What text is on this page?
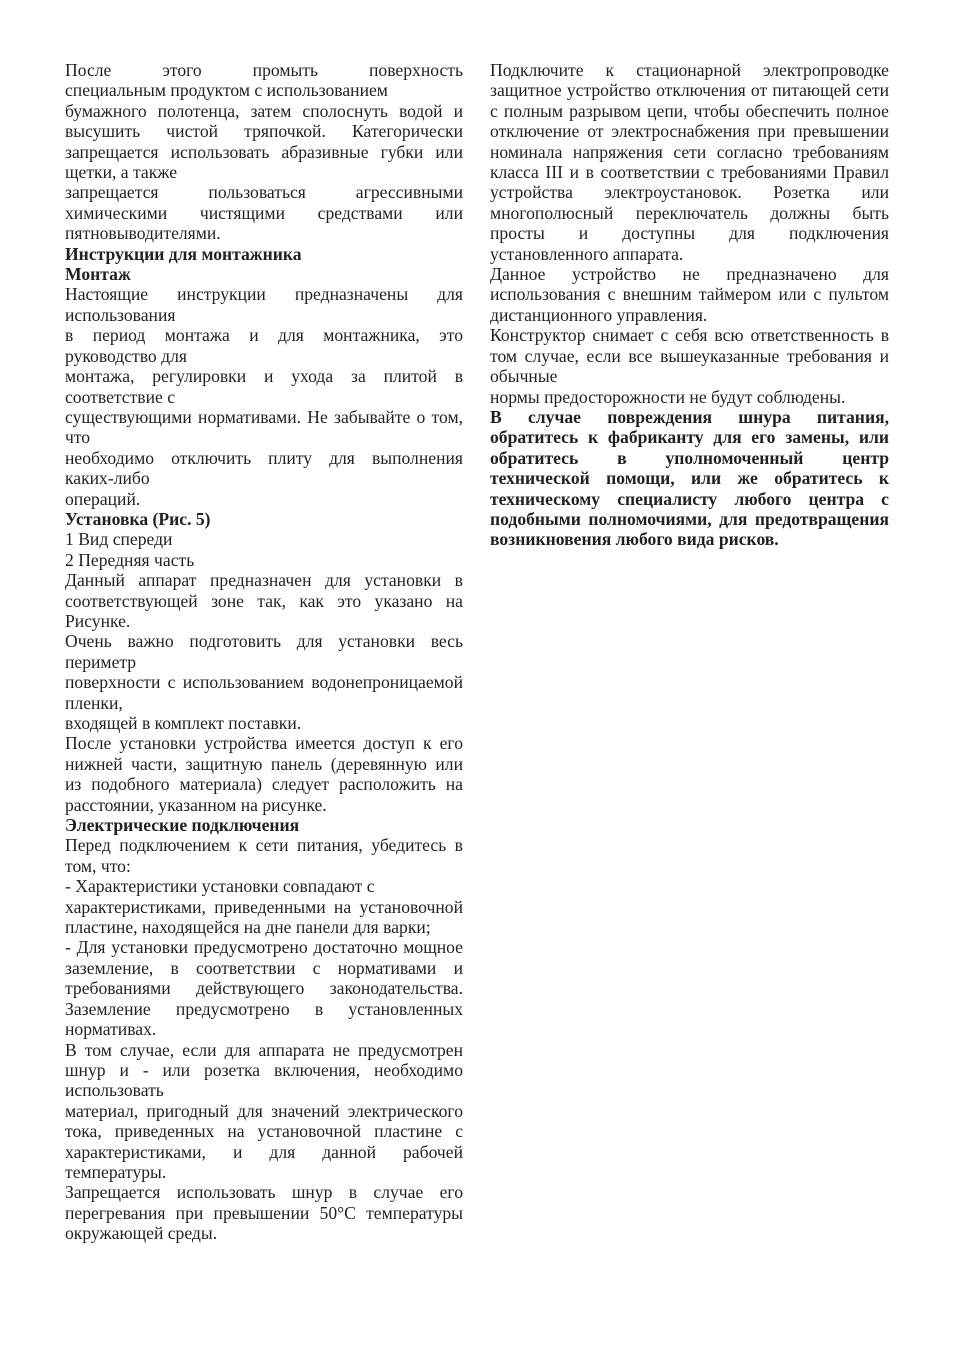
После этого промыть поверхность
специальным продуктом с использованием
бумажного полотенца, затем сполоснуть водой и высушить чистой тряпочкой. Категорически запрещается использовать абразивные губки или щетки, а также
запрещается пользоваться агрессивными химическими чистящими средствами или пятновыводителями.
Инструкции для монтажника
Монтаж
Настоящие инструкции предназначены для использования
в период монтажа и для монтажника, это руководство для
монтажа, регулировки и ухода за плитой в соответствие с
существующими нормативами. Не забывайте о том, что
необходимо отключить плиту для выполнения каких-либо
операций.
Установка (Рис. 5)
1 Вид спереди
2 Передняя часть
Данный аппарат предназначен для установки в соответствующей зоне так, как это указано на Рисунке.
Очень важно подготовить для установки весь периметр
поверхности с использованием водонепроницаемой пленки,
входящей в комплект поставки.
После установки устройства имеется доступ к его нижней части, защитную панель (деревянную или из подобного материала) следует расположить на расстоянии, указанном на рисунке.
Электрические подключения
Перед подключением к сети питания, убедитесь в том, что:
- Характеристики установки совпадают с
характеристиками, приведенными на установочной пластине, находящейся на дне панели для варки;
- Для установки предусмотрено достаточно мощное заземление, в соответствии с нормативами и требованиями действующего законодательства. Заземление предусмотрено в установленных нормативах.
В том случае, если для аппарата не предусмотрен шнур и - или розетка включения, необходимо использовать
материал, пригодный для значений электрического тока, приведенных на установочной пластине с характеристиками, и для данной рабочей температуры.
Запрещается использовать шнур в случае его перегревания при превышении 50°C температуры окружающей среды.
Подключите к стационарной электропроводке защитное устройство отключения от питающей сети с полным разрывом цепи, чтобы обеспечить полное отключение от электроснабжения при превышении номинала напряжения сети согласно требованиям класса III и в соответствии с требованиями Правил устройства электроустановок. Розетка или многополюсный переключатель должны быть просты и доступны для подключения установленного аппарата.
Данное устройство не предназначено для использования с внешним таймером или с пультом дистанционного управления.
Конструктор снимает с себя всю ответственность в том случае, если все вышеуказанные требования и обычные
нормы предосторожности не будут соблюдены.
В случае повреждения шнура питания, обратитесь к фабриканту для его замены, или обратитесь в уполномоченный центр технической помощи, или же обратитесь к техническому специалисту любого центра с подобными полномочиями, для предотвращения возникновения любого вида рисков.
